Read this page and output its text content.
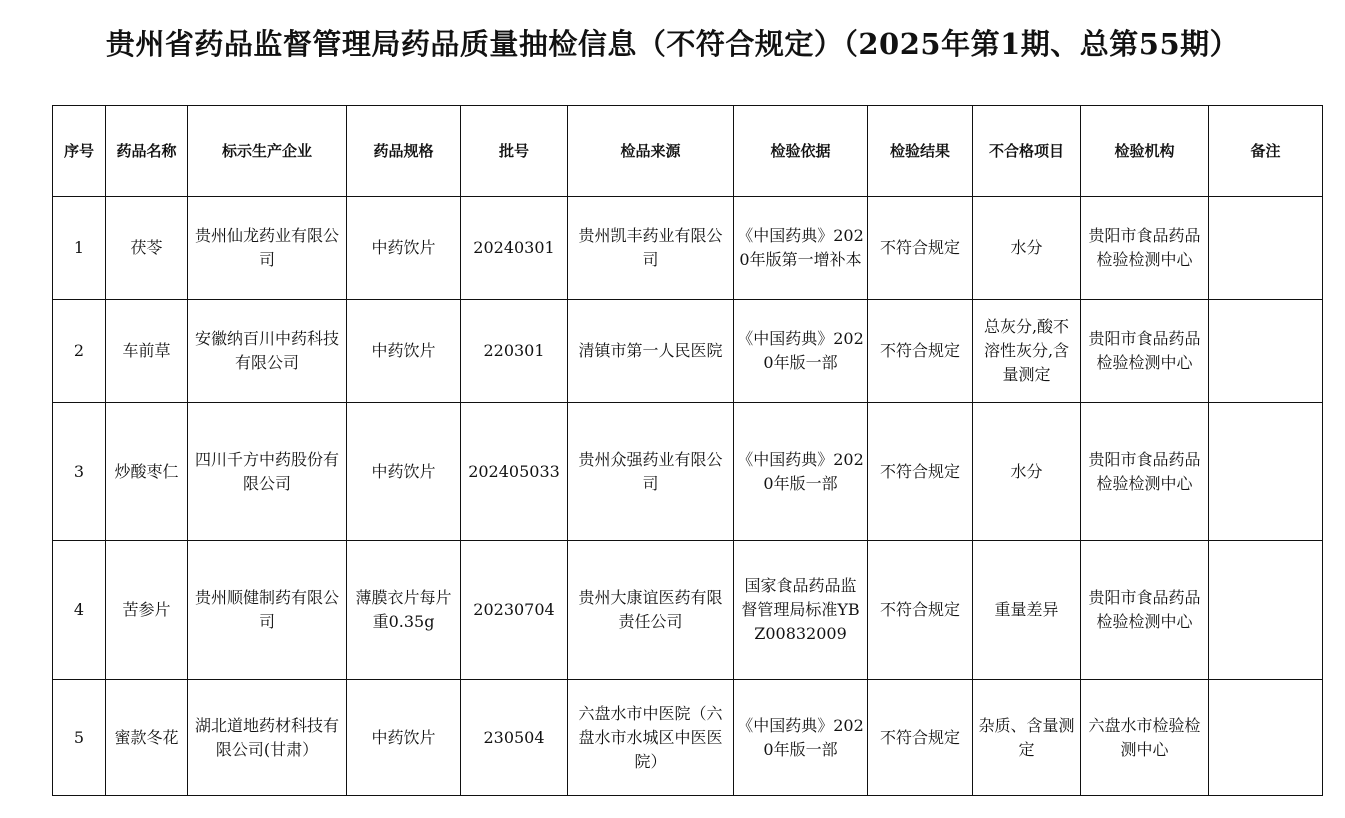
贵州省药品监督管理局药品质量抽检信息（不符合规定）（2025年第1期、总第55期）
序号	药品名称	标示生产企业	药品规格	批号	检品来源	检验依据	检验结果	不合格项目	检验机构	备注
1	茯苓	贵州仙龙药业有限公司	中药饮片	20240301	贵州凯丰药业有限公司	《中国药典》2020年版第一增补本	不符合规定	水分	贵阳市食品药品检验检测中心	
2	车前草	安徽纳百川中药科技有限公司	中药饮片	220301	清镇市第一人民医院	《中国药典》2020年版一部	不符合规定	总灰分,酸不溶性灰分,含量测定	贵阳市食品药品检验检测中心	
3	炒酸枣仁	四川千方中药股份有限公司	中药饮片	202405033	贵州众强药业有限公司	《中国药典》2020年版一部	不符合规定	水分	贵阳市食品药品检验检测中心	
4	苦参片	贵州顺健制药有限公司	薄膜衣片每片重0.35g	20230704	贵州大康谊医药有限责任公司	国家食品药品监督管理局标准YBZ00832009	不符合规定	重量差异	贵阳市食品药品检验检测中心	
5	蜜款冬花	湖北道地药材科技有限公司(甘肃）	中药饮片	230504	六盘水市中医院（六盘水市水城区中医医院）	《中国药典》2020年版一部	不符合规定	杂质、含量测定	六盘水市检验检测中心	
